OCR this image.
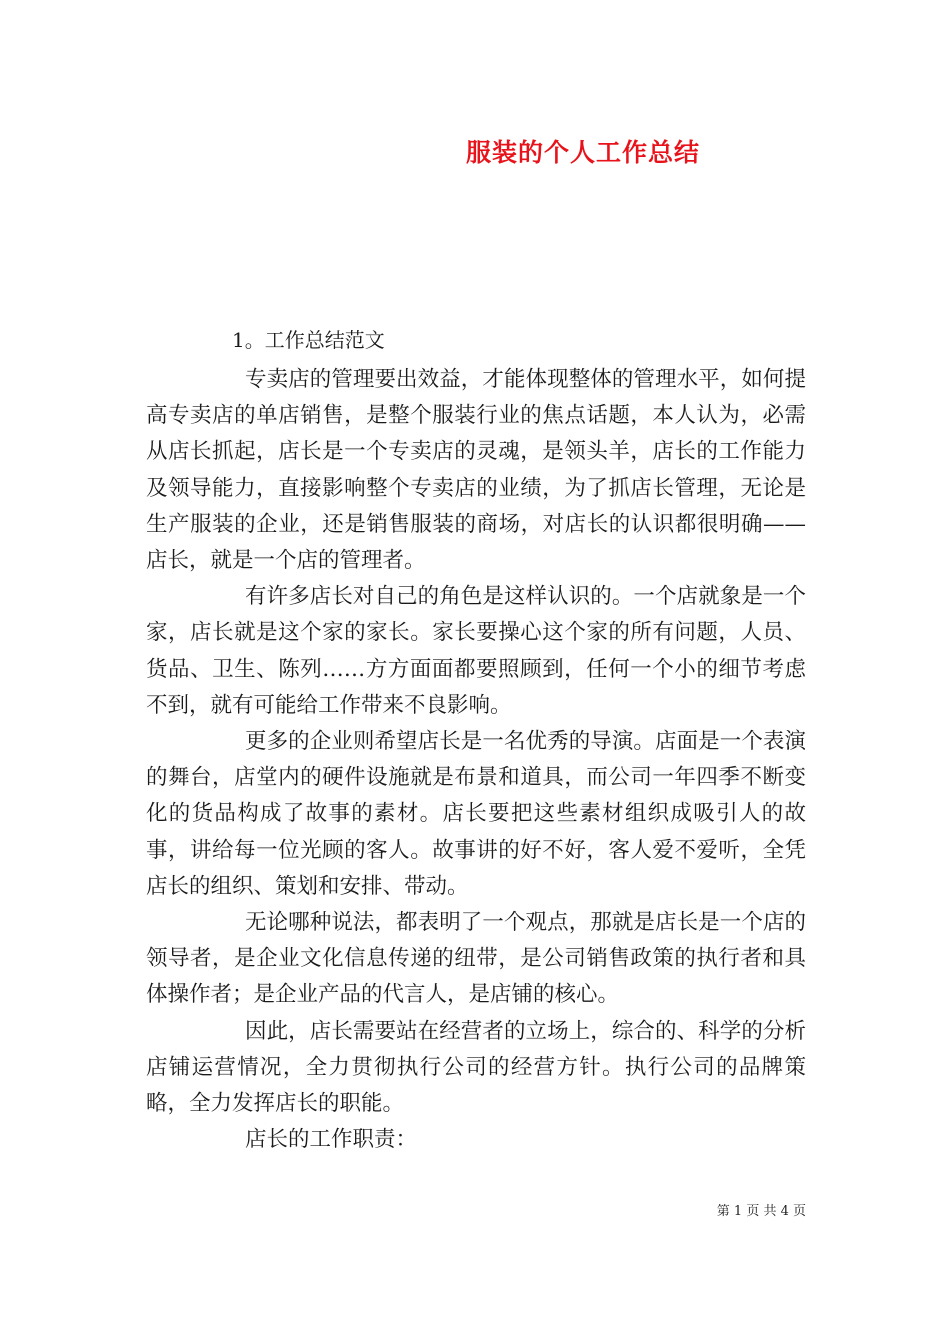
服装的个人工作总结
1。工作总结范文

专卖店的管理要出效益，才能体现整体的管理水平，如何提高专卖店的单店销售，是整个服装行业的焦点话题，本人认为，必需从店长抓起，店长是一个专卖店的灵魂，是领头羊，店长的工作能力及领导能力，直接影响整个专卖店的业绩，为了抓店长管理，无论是生产服装的企业，还是销售服装的商场，对店长的认识都很明确——店长，就是一个店的管理者。

有许多店长对自己的角色是这样认识的。一个店就象是一个家，店长就是这个家的家长。家长要操心这个家的所有问题，人员、货品、卫生、陈列……方方面面都要照顾到，任何一个小的细节考虑不到，就有可能给工作带来不良影响。

更多的企业则希望店长是一名优秀的导演。店面是一个表演的舞台，店堂内的硬件设施就是布景和道具，而公司一年四季不断变化的货品构成了故事的素材。店长要把这些素材组织成吸引人的故事，讲给每一位光顾的客人。故事讲的好不好，客人爱不爱听，全凭店长的组织、策划和安排、带动。

无论哪种说法，都表明了一个观点，那就是店长是一个店的领导者，是企业文化信息传递的纽带，是公司销售政策的执行者和具体操作者；是企业产品的代言人，是店铺的核心。

因此，店长需要站在经营者的立场上，综合的、科学的分析店铺运营情况，全力贯彻执行公司的经营方针。执行公司的品牌策略，全力发挥店长的职能。

店长的工作职责：

第 1 页 共 4 页
